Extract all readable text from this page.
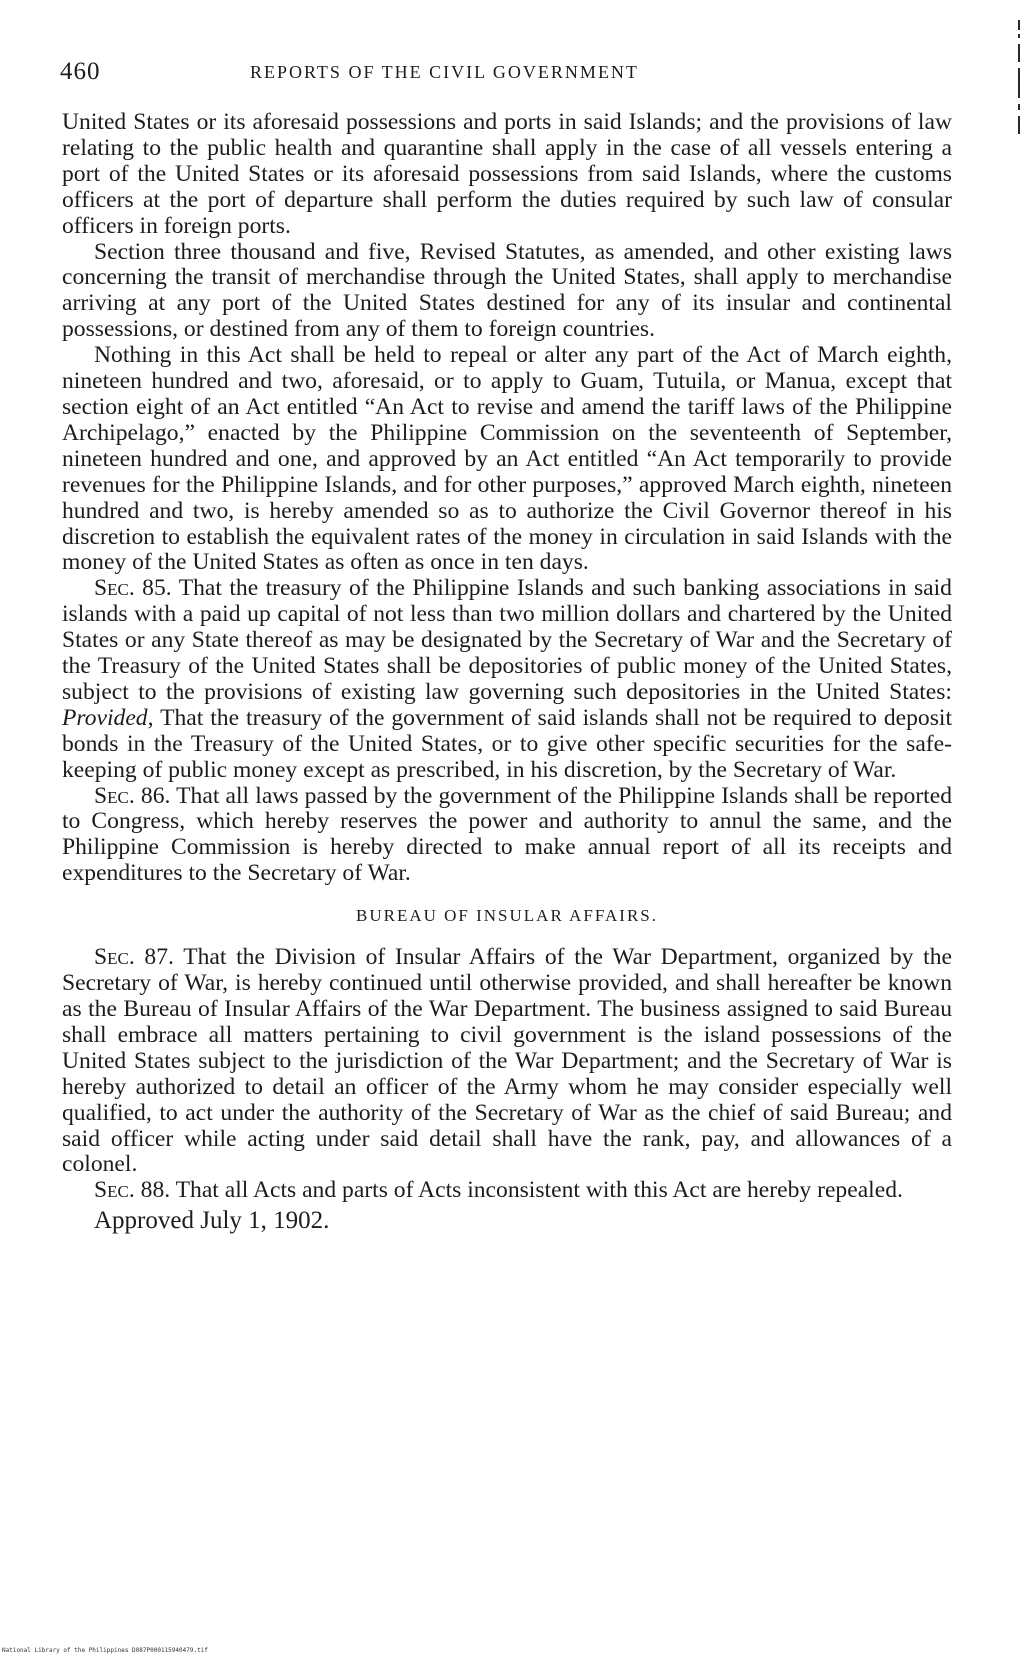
460	REPORTS OF THE CIVIL GOVERNMENT

United States or its aforesaid possessions and ports in said Islands; and the provisions of law relating to the public health and quarantine shall apply in the case of all vessels entering a port of the United States or its aforesaid possessions from said Islands, where the customs officers at the port of departure shall perform the duties required by such law of consular officers in foreign ports.

Section three thousand and five, Revised Statutes, as amended, and other existing laws concerning the transit of merchandise through the United States, shall apply to merchandise arriving at any port of the United States destined for any of its insular and continental possessions, or destined from any of them to foreign countries.

Nothing in this Act shall be held to repeal or alter any part of the Act of March eighth, nineteen hundred and two, aforesaid, or to apply to Guam, Tutuila, or Manua, except that section eight of an Act entitled “An Act to revise and amend the tariff laws of the Philippine Archipelago,” enacted by the Philippine Commission on the seventeenth of September, nineteen hundred and one, and approved by an Act entitled “An Act temporarily to provide revenues for the Philippine Islands, and for other purposes,” approved March eighth, nineteen hundred and two, is hereby amended so as to authorize the Civil Governor thereof in his discretion to establish the equivalent rates of the money in circulation in said Islands with the money of the United States as often as once in ten days.

Sec. 85. That the treasury of the Philippine Islands and such banking associations in said islands with a paid up capital of not less than two million dollars and chartered by the United States or any State thereof as may be designated by the Secretary of War and the Secretary of the Treasury of the United States shall be depositories of public money of the United States, subject to the provisions of existing law governing such depositories in the United States: Provided, That the treasury of the government of said islands shall not be required to deposit bonds in the Treasury of the United States, or to give other specific securities for the safe-keeping of public money except as prescribed, in his discretion, by the Secretary of War.

Sec. 86. That all laws passed by the government of the Philippine Islands shall be reported to Congress, which hereby reserves the power and authority to annul the same, and the Philippine Commission is hereby directed to make annual report of all its receipts and expenditures to the Secretary of War.

BUREAU OF INSULAR AFFAIRS.

Sec. 87. That the Division of Insular Affairs of the War Department, organized by the Secretary of War, is hereby continued until otherwise provided, and shall hereafter be known as the Bureau of Insular Affairs of the War Department. The business assigned to said Bureau shall embrace all matters pertaining to civil government is the island possessions of the United States subject to the jurisdiction of the War Department; and the Secretary of War is hereby authorized to detail an officer of the Army whom he may consider especially well qualified, to act under the authority of the Secretary of War as the chief of said Bureau; and said officer while acting under said detail shall have the rank, pay, and allowances of a colonel.

Sec. 88. That all Acts and parts of Acts inconsistent with this Act are hereby repealed.

Approved July 1, 1902.

National Library of the Philippines D087P000115940479.tif
